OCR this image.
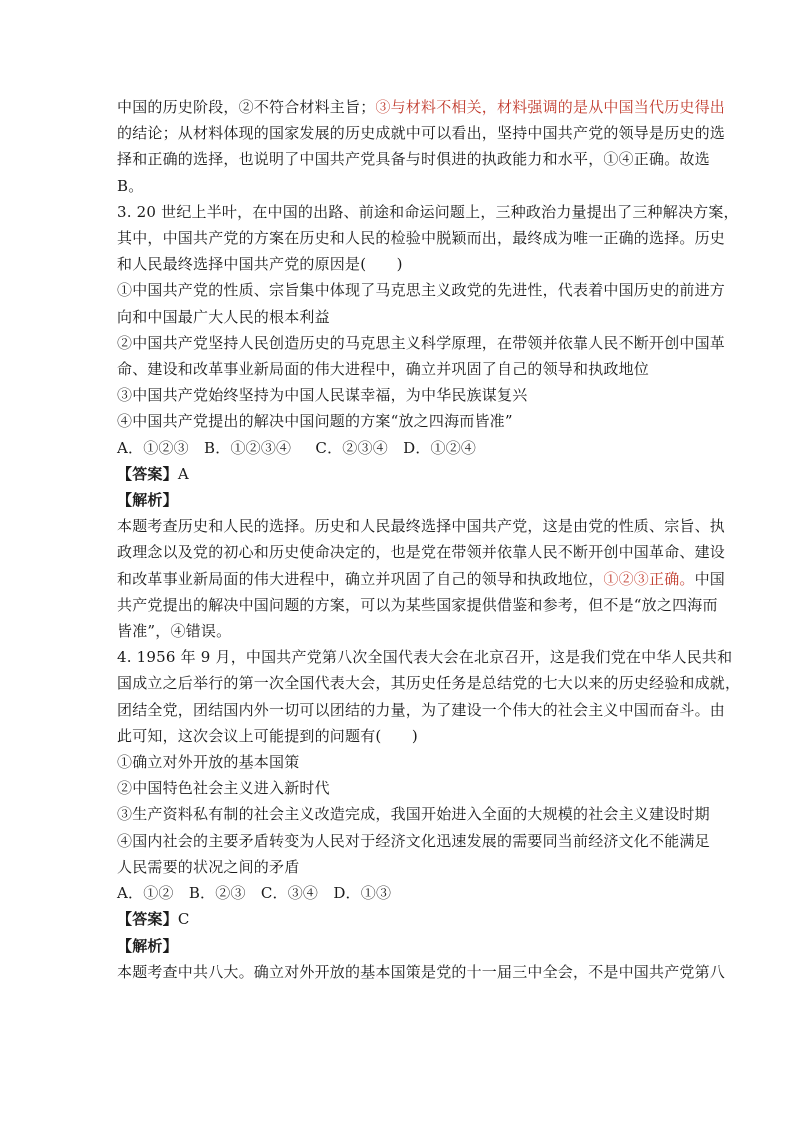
中国的历史阶段，②不符合材料主旨；③与材料不相关，材料强调的是从中国当代历史得出
的结论；从材料体现的国家发展的历史成就中可以看出，坚持中国共产党的领导是历史的选
择和正确的选择，也说明了中国共产党具备与时俱进的执政能力和水平，①④正确。故选
B。
3. 20 世纪上半叶，在中国的出路、前途和命运问题上，三种政治力量提出了三种解决方案，
其中，中国共产党的方案在历史和人民的检验中脱颖而出，最终成为唯一正确的选择。历史
和人民最终选择中国共产党的原因是(　　)
①中国共产党的性质、宗旨集中体现了马克思主义政党的先进性，代表着中国历史的前进方
向和中国最广大人民的根本利益
②中国共产党坚持人民创造历史的马克思主义科学原理，在带领并依靠人民不断开创中国革
命、建设和改革事业新局面的伟大进程中，确立并巩固了自己的领导和执政地位
③中国共产党始终坚持为中国人民谋幸福，为中华民族谋复兴
④中国共产党提出的解决中国问题的方案“放之四海而皆准”
A．①②③　B．①②③④　 C．②③④　D．①②④
【答案】A
【解析】
本题考查历史和人民的选择。历史和人民最终选择中国共产党，这是由党的性质、宗旨、执
政理念以及党的初心和历史使命决定的，也是党在带领并依靠人民不断开创中国革命、建设
和改革事业新局面的伟大进程中，确立并巩固了自己的领导和执政地位，①②③正确。中国
共产党提出的解决中国问题的方案，可以为某些国家提供借鉴和参考，但不是“放之四海而
皆准”，④错误。
4. 1956 年 9 月，中国共产党第八次全国代表大会在北京召开，这是我们党在中华人民共和
国成立之后举行的第一次全国代表大会，其历史任务是总结党的七大以来的历史经验和成就，
团结全党，团结国内外一切可以团结的力量，为了建设一个伟大的社会主义中国而奋斗。由
此可知，这次会议上可能提到的问题有(　　)
①确立对外开放的基本国策
②中国特色社会主义进入新时代
③生产资料私有制的社会主义改造完成，我国开始进入全面的大规模的社会主义建设时期
④国内社会的主要矛盾转变为人民对于经济文化迅速发展的需要同当前经济文化不能满足
人民需要的状况之间的矛盾
A．①②　B．②③　C．③④　D．①③
【答案】C
【解析】
本题考查中共八大。确立对外开放的基本国策是党的十一届三中全会，不是中国共产党第八
